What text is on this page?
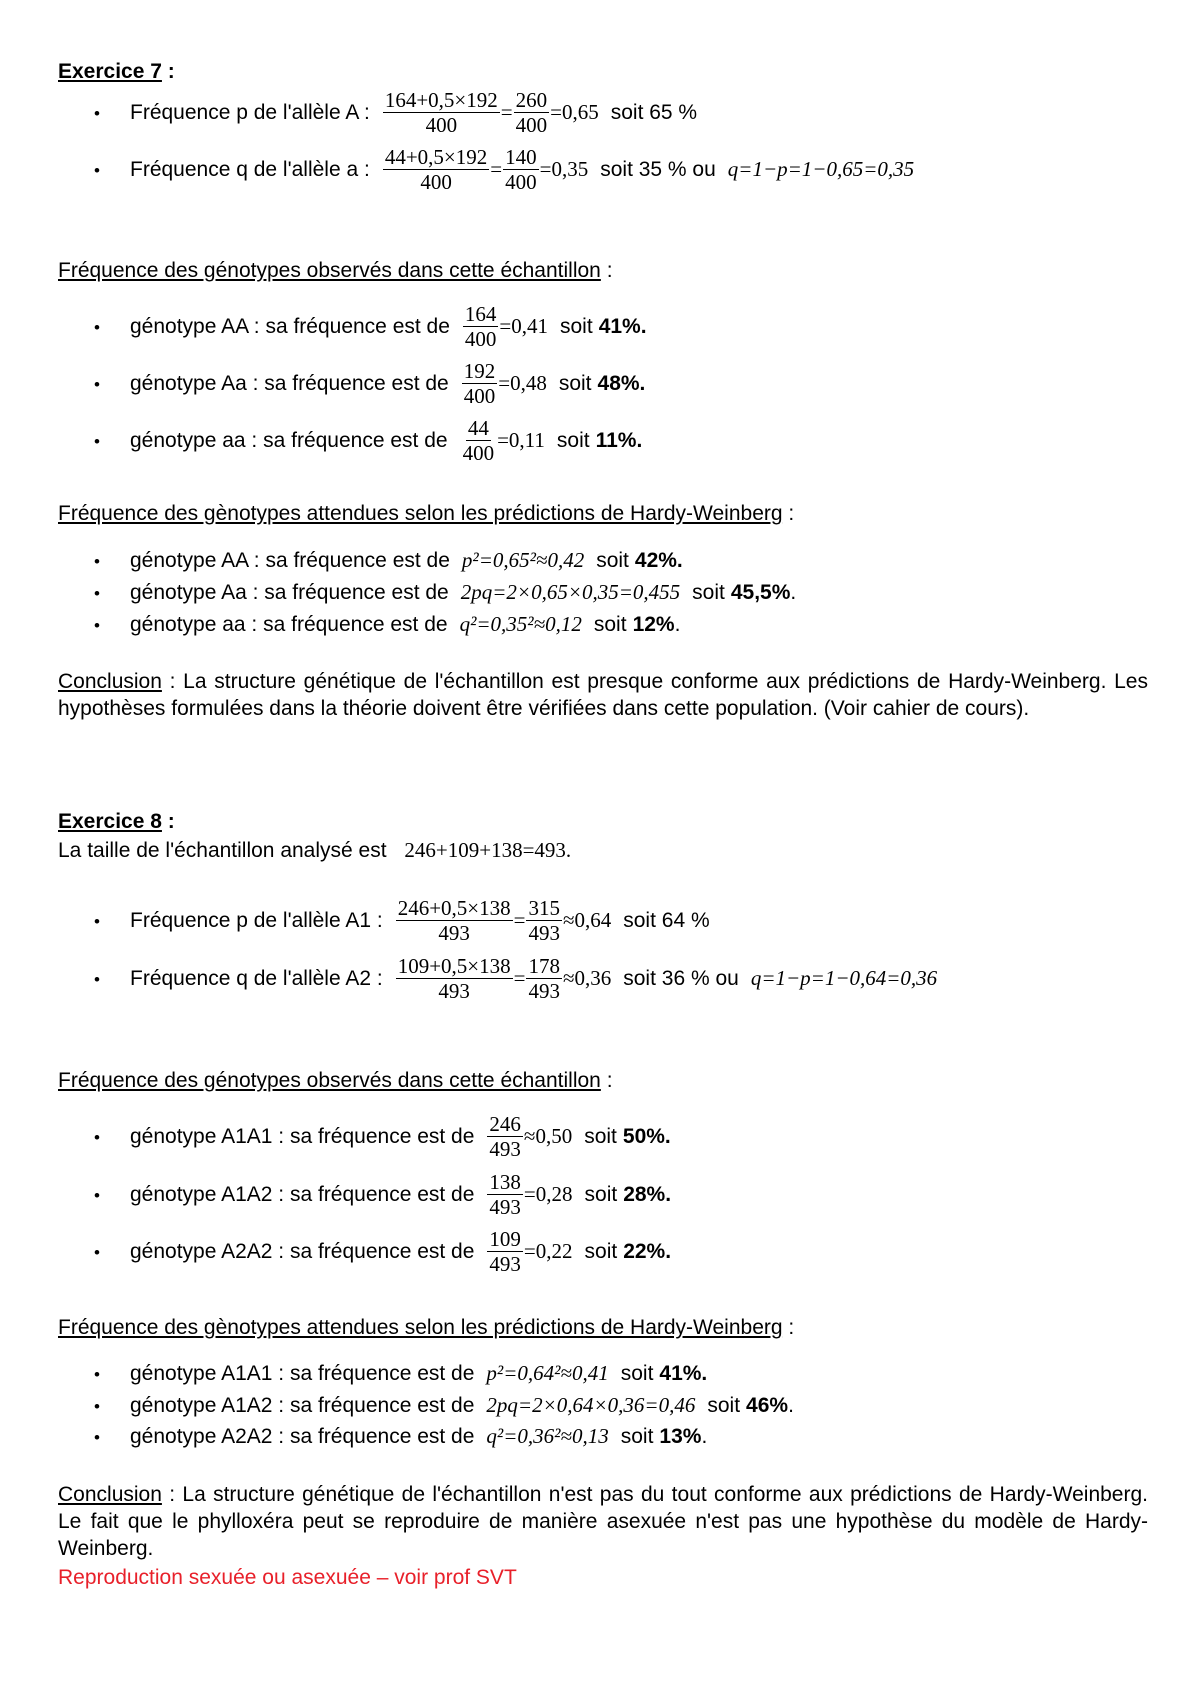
Exercice 7 :
• Fréquence p de l'allèle A : $\frac{164+0,5\times 192}{400} = \frac{260}{400} =0,65$ soit 65 %
• Fréquence q de l'allèle a : $\frac{44+0,5\times 192}{400} = \frac{140}{400} =0,35$ soit 35 % ou q=1−p=1−0,65=0,35
Fréquence des génotypes observés dans cette échantillon :
• génotype AA : sa fréquence est de $\frac{164}{400} =0,41$ soit 41%.
• génotype Aa : sa fréquence est de $\frac{192}{400} =0,48$ soit 48%.
• génotype aa : sa fréquence est de $\frac{44}{400} =0,11$ soit 11%.
Fréquence des gènotypes attendues selon les prédictions de Hardy-Weinberg :
• génotype AA : sa fréquence est de p²=0,65²≈0,42 soit 42%.
• génotype Aa : sa fréquence est de 2pq=2×0,65×0,35=0,455 soit 45,5% .
• génotype aa : sa fréquence est de q²=0,35²≈0,12 soit 12% .
Conclusion : La structure génétique de l'échantillon est presque conforme aux prédictions de Hardy-Weinberg. Les hypothèses formulées dans la théorie doivent être vérifiées dans cette population. (Voir cahier de cours).
Exercice 8 :
La taille de l'échantillon analysé est 246+109+138=493.
• Fréquence p de l'allèle A1 : $\frac{246+0,5\times 138}{493} = \frac{315}{493} \approx 0,64$ soit 64 %
• Fréquence q de l'allèle A2 : $\frac{109+0,5\times 138}{493} = \frac{178}{493} \approx 0,36$ soit 36 % ou q=1−p=1−0,64=0,36
Fréquence des génotypes observés dans cette échantillon :
• génotype A1A1 : sa fréquence est de $\frac{246}{493} \approx 0,50$ soit 50%.
• génotype A1A2 : sa fréquence est de $\frac{138}{493} =0,28$ soit 28%.
• génotype A2A2 : sa fréquence est de $\frac{109}{493} =0,22$ soit 22%.
Fréquence des gènotypes attendues selon les prédictions de Hardy-Weinberg :
• génotype A1A1 : sa fréquence est de p²=0,64²≈0,41 soit 41%.
• génotype A1A2 : sa fréquence est de 2pq=2×0,64×0,36=0,46 soit 46% .
• génotype A2A2 : sa fréquence est de q²=0,36²≈0,13 soit 13% .
Conclusion : La structure génétique de l'échantillon n'est pas du tout conforme aux prédictions de Hardy-Weinberg. Le fait que le phylloxéra peut se reproduire de manière asexuée n'est pas une hypothèse du modèle de Hardy-Weinberg.
Reproduction sexuée ou asexuée – voir prof SVT
